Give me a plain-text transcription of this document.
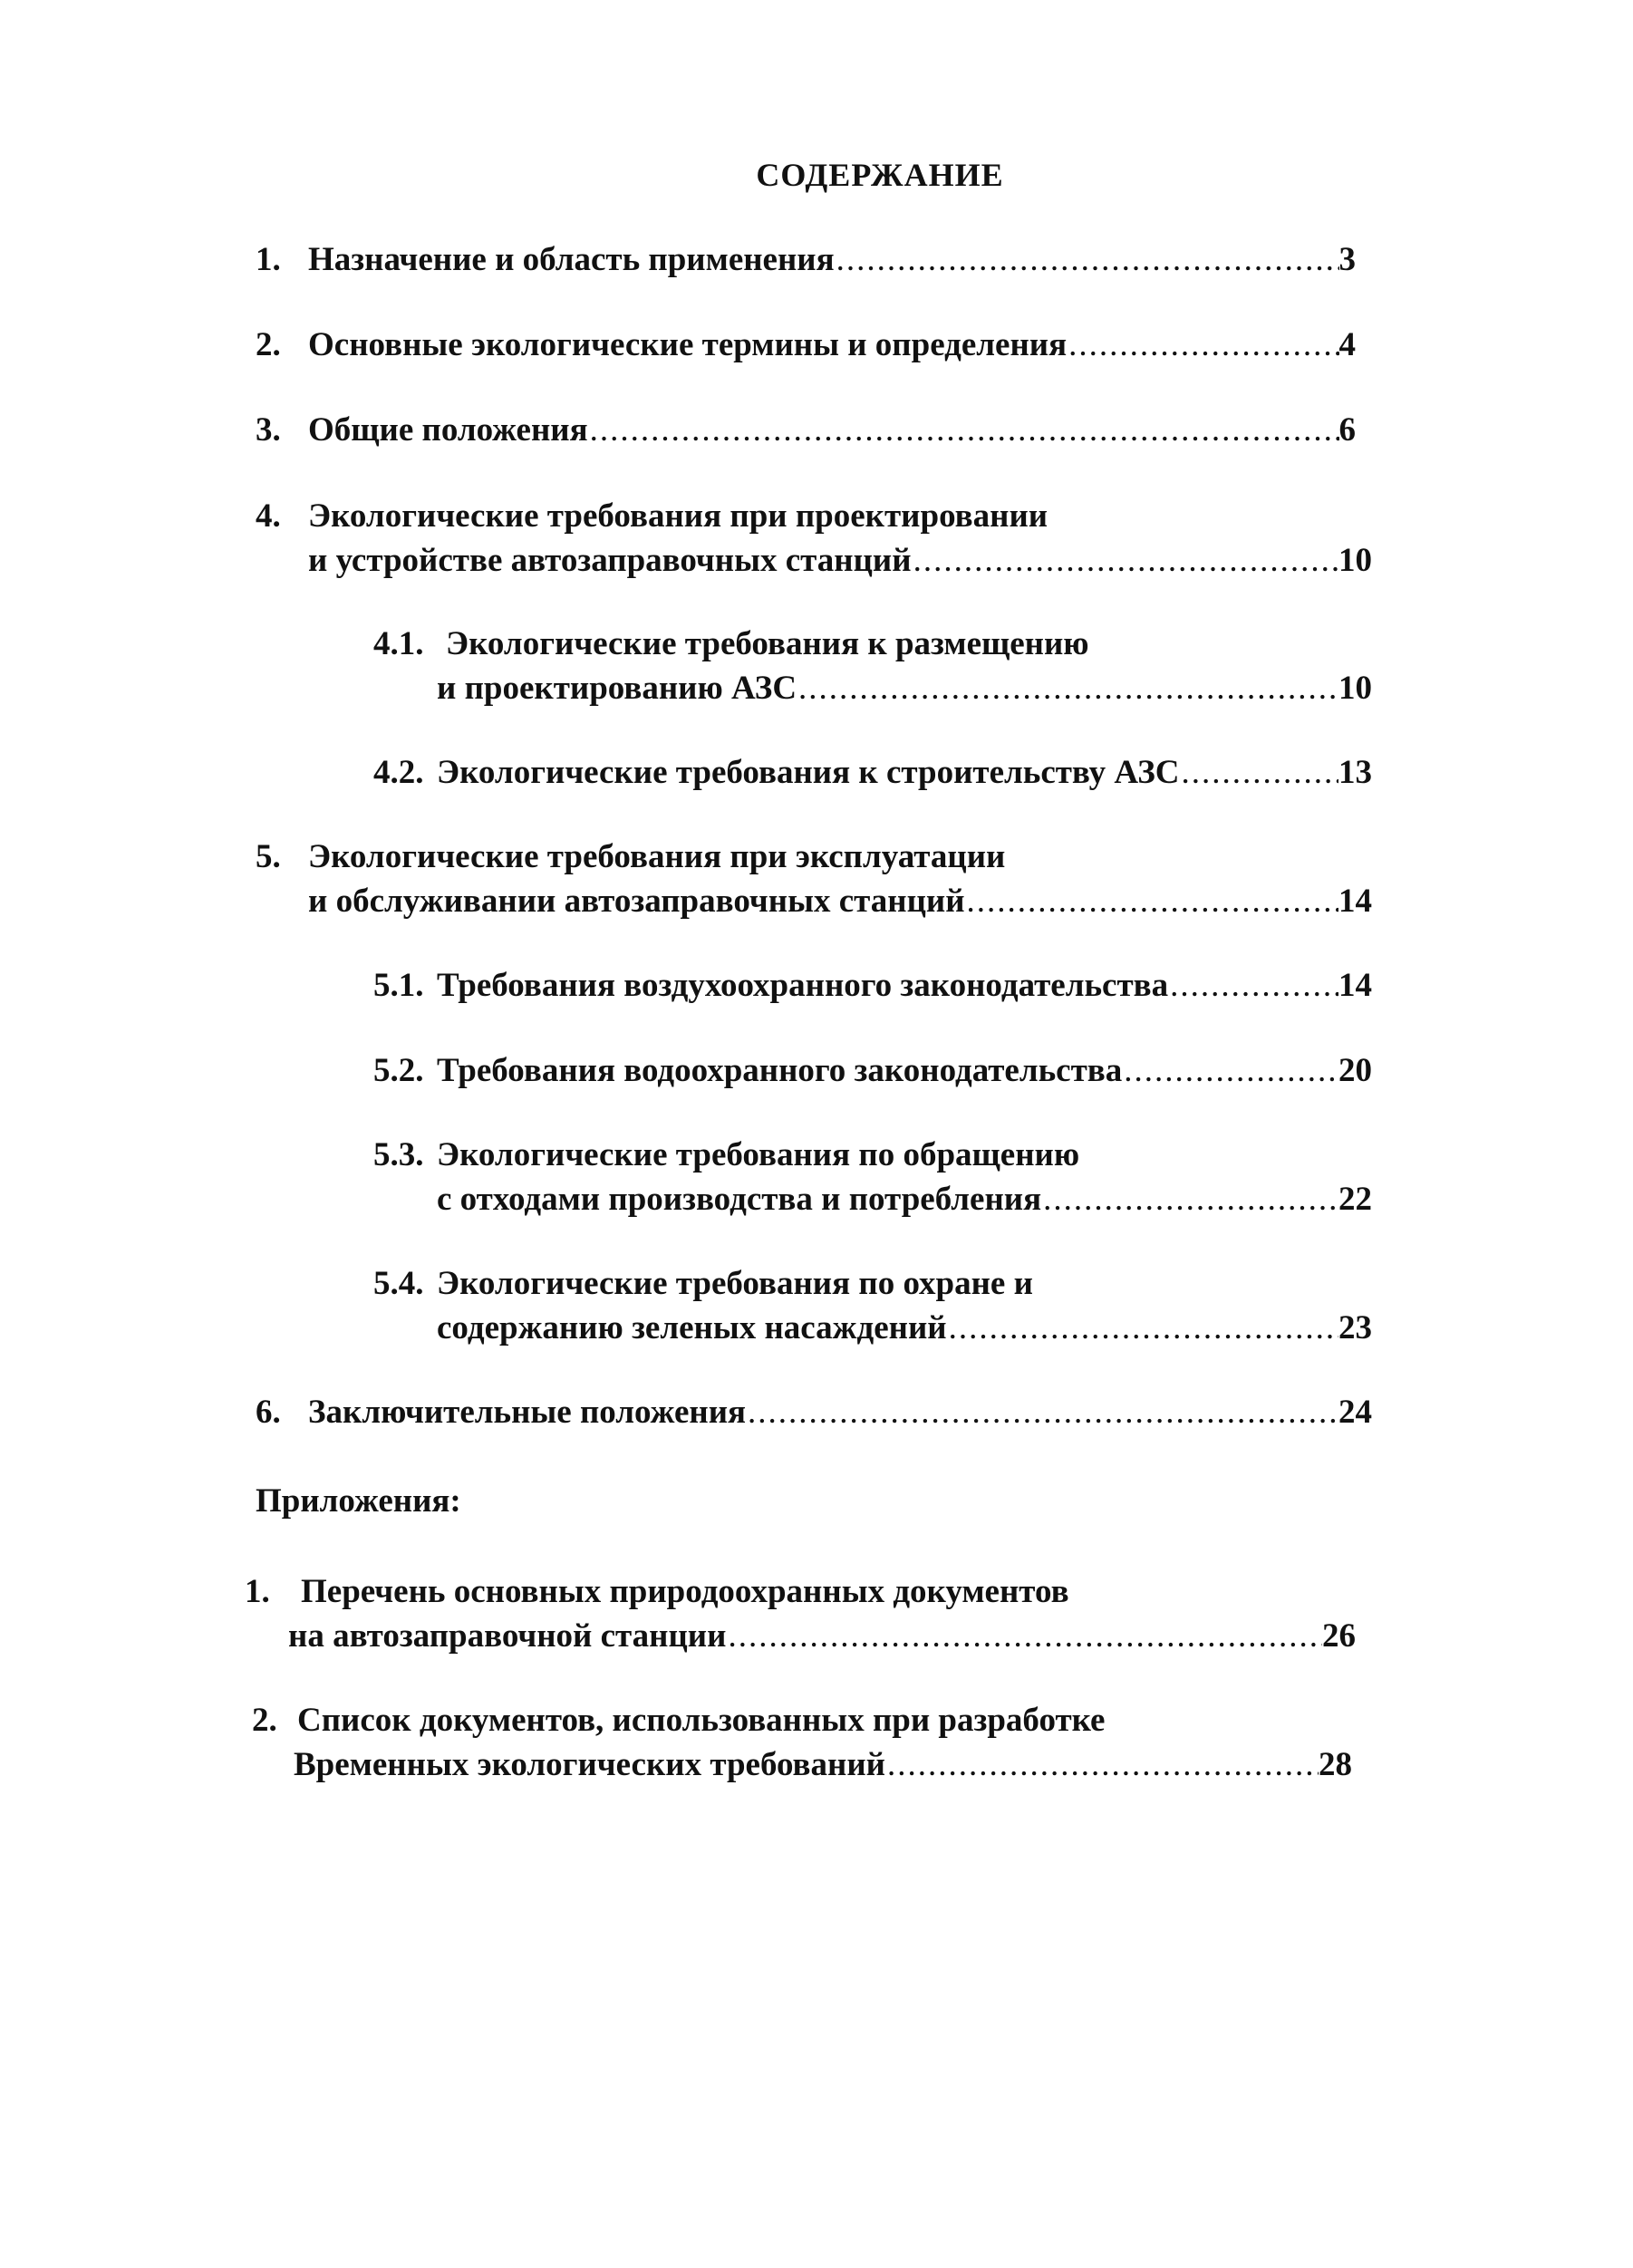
СОДЕРЖАНИЕ
1. Назначение и область применения .....	3
2. Основные экологические термины и определения .....	4
3. Общие положения .....	6
4. Экологические требования при проектировании
и устройстве автозаправочных станций .....	10
4.1. Экологические требования к размещению
и проектированию АЗС .....	10
4.2. Экологические требования к строительству АЗС .....	13
5. Экологические требования при эксплуатации
и обслуживании автозаправочных станций .....	14
5.1. Требования воздухоохранного законодательства .....	14
5.2. Требования водоохранного законодательства .....	20
5.3. Экологические требования по обращению
с отходами производства и потребления .....	22
5.4. Экологические требования по охране и
содержанию зеленых насаждений .....	23
6. Заключительные положения .....	24
Приложения:
1. Перечень основных природоохранных документов
на автозаправочной станции .....	26
2. Список документов, использованных при разработке
Временных экологических требований .....	28
